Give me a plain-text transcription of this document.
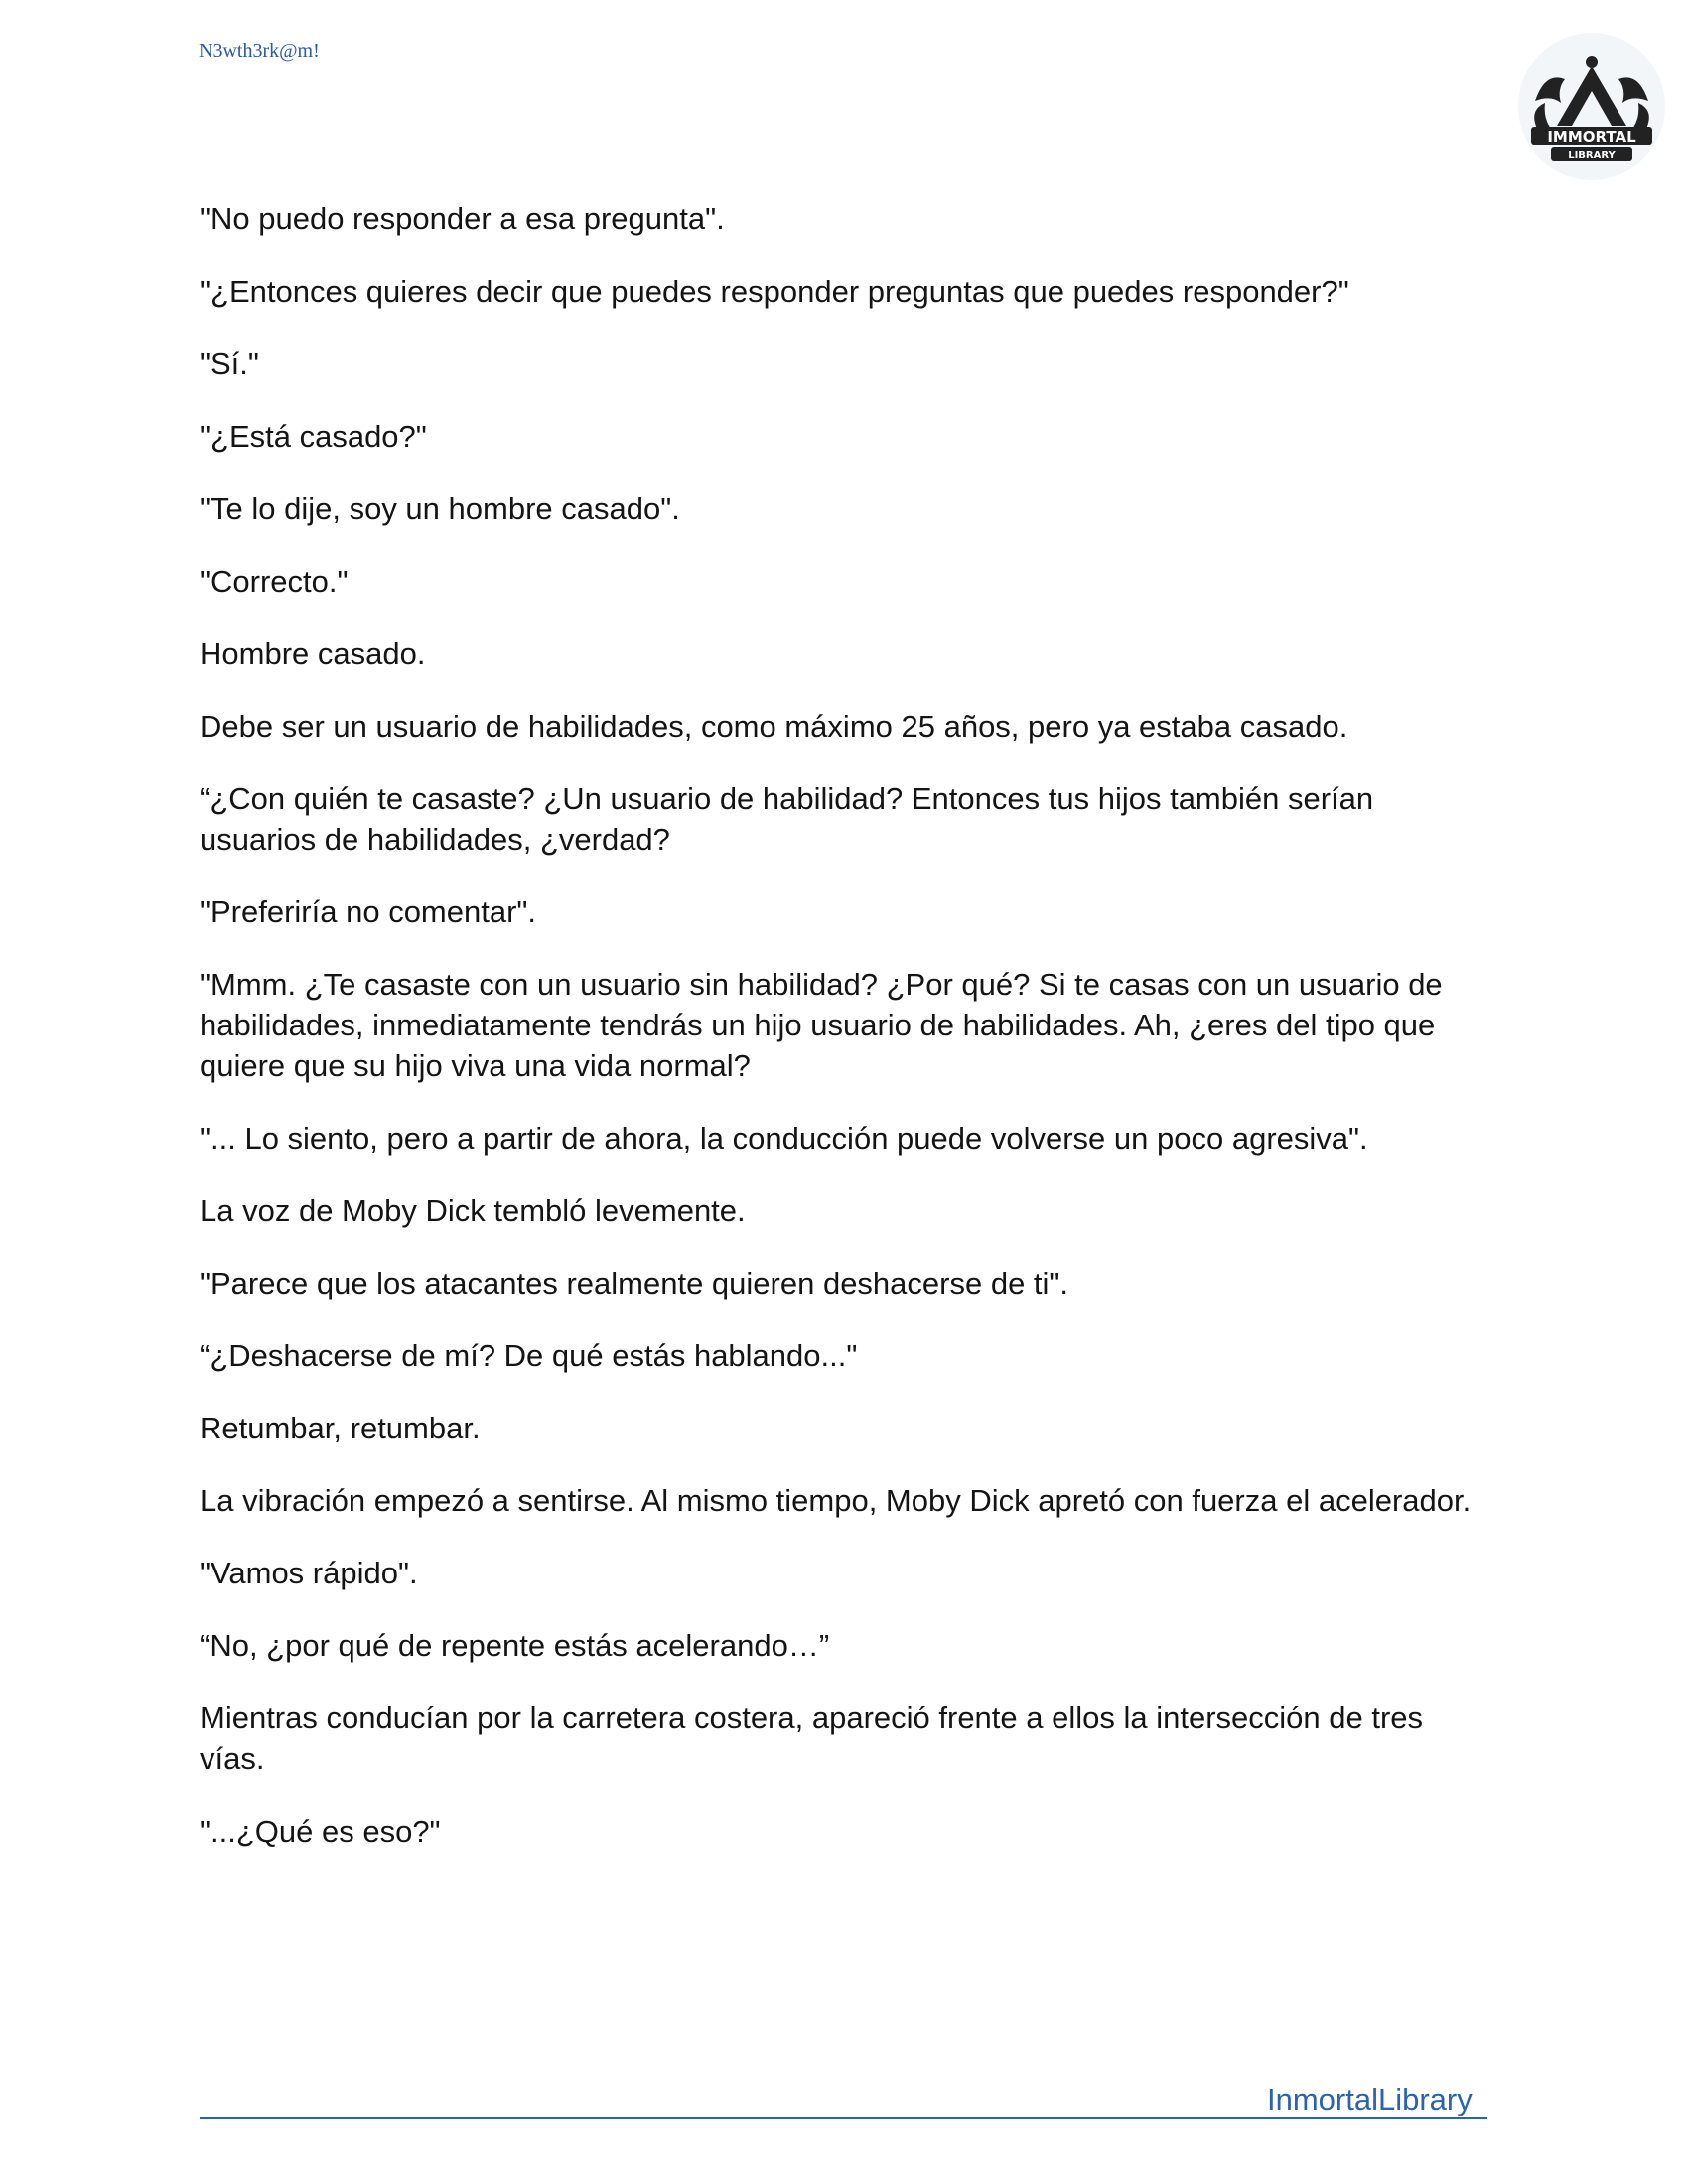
N3wth3rk@m!
IMMORTAL
LIBRARY

"No puedo responder a esa pregunta".

"¿Entonces quieres decir que puedes responder preguntas que puedes responder?"

"Sí."

"¿Está casado?"

"Te lo dije, soy un hombre casado".

"Correcto."

Hombre casado.

Debe ser un usuario de habilidades, como máximo 25 años, pero ya estaba casado.

“¿Con quién te casaste? ¿Un usuario de habilidad? Entonces tus hijos también serían usuarios de habilidades, ¿verdad?

"Preferiría no comentar".

"Mmm. ¿Te casaste con un usuario sin habilidad? ¿Por qué? Si te casas con un usuario de habilidades, inmediatamente tendrás un hijo usuario de habilidades. Ah, ¿eres del tipo que quiere que su hijo viva una vida normal?

"... Lo siento, pero a partir de ahora, la conducción puede volverse un poco agresiva".

La voz de Moby Dick tembló levemente.

"Parece que los atacantes realmente quieren deshacerse de ti".

“¿Deshacerse de mí? De qué estás hablando..."

Retumbar, retumbar.

La vibración empezó a sentirse. Al mismo tiempo, Moby Dick apretó con fuerza el acelerador.

"Vamos rápido".

“No, ¿por qué de repente estás acelerando…”

Mientras conducían por la carretera costera, apareció frente a ellos la intersección de tres vías.

"...¿Qué es eso?"

InmortalLibrary
